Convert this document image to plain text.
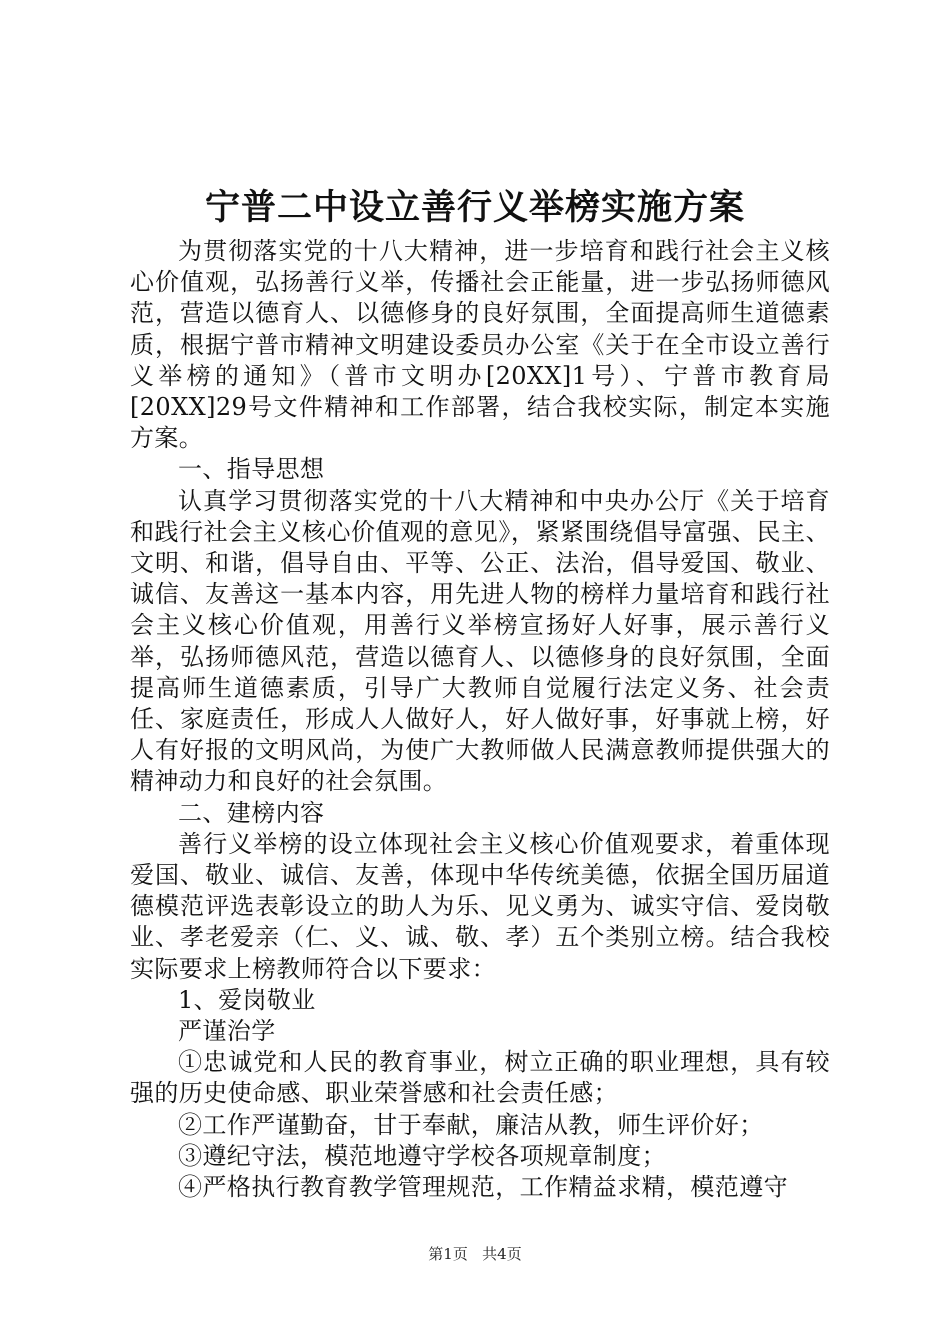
宁普二中设立善行义举榜实施方案

为贯彻落实党的十八大精神，进一步培育和践行社会主义核心价值观，弘扬善行义举，传播社会正能量，进一步弘扬师德风范，营造以德育人、以德修身的良好氛围，全面提高师生道德素质，根据宁普市精神文明建设委员办公室《关于在全市设立善行义举榜的通知》（普市文明办[20XX]1号）、宁普市教育局[20XX]29号文件精神和工作部署，结合我校实际，制定本实施方案。

一、指导思想

认真学习贯彻落实党的十八大精神和中央办公厅《关于培育和践行社会主义核心价值观的意见》，紧紧围绕倡导富强、民主、文明、和谐，倡导自由、平等、公正、法治，倡导爱国、敬业、诚信、友善这一基本内容，用先进人物的榜样力量培育和践行社会主义核心价值观，用善行义举榜宣扬好人好事，展示善行义举，弘扬师德风范，营造以德育人、以德修身的良好氛围，全面提高师生道德素质，引导广大教师自觉履行法定义务、社会责任、家庭责任，形成人人做好人，好人做好事，好事就上榜，好人有好报的文明风尚，为使广大教师做人民满意教师提供强大的精神动力和良好的社会氛围。

二、建榜内容

善行义举榜的设立体现社会主义核心价值观要求，着重体现爱国、敬业、诚信、友善，体现中华传统美德，依据全国历届道德模范评选表彰设立的助人为乐、见义勇为、诚实守信、爱岗敬业、孝老爱亲（仁、义、诚、敬、孝）五个类别立榜。结合我校实际要求上榜教师符合以下要求：

1、爱岗敬业

严谨治学

①忠诚党和人民的教育事业，树立正确的职业理想，具有较强的历史使命感、职业荣誉感和社会责任感；

②工作严谨勤奋，甘于奉献，廉洁从教，师生评价好；

③遵纪守法，模范地遵守学校各项规章制度；

④严格执行教育教学管理规范，工作精益求精，模范遵守

第1页 共4页
